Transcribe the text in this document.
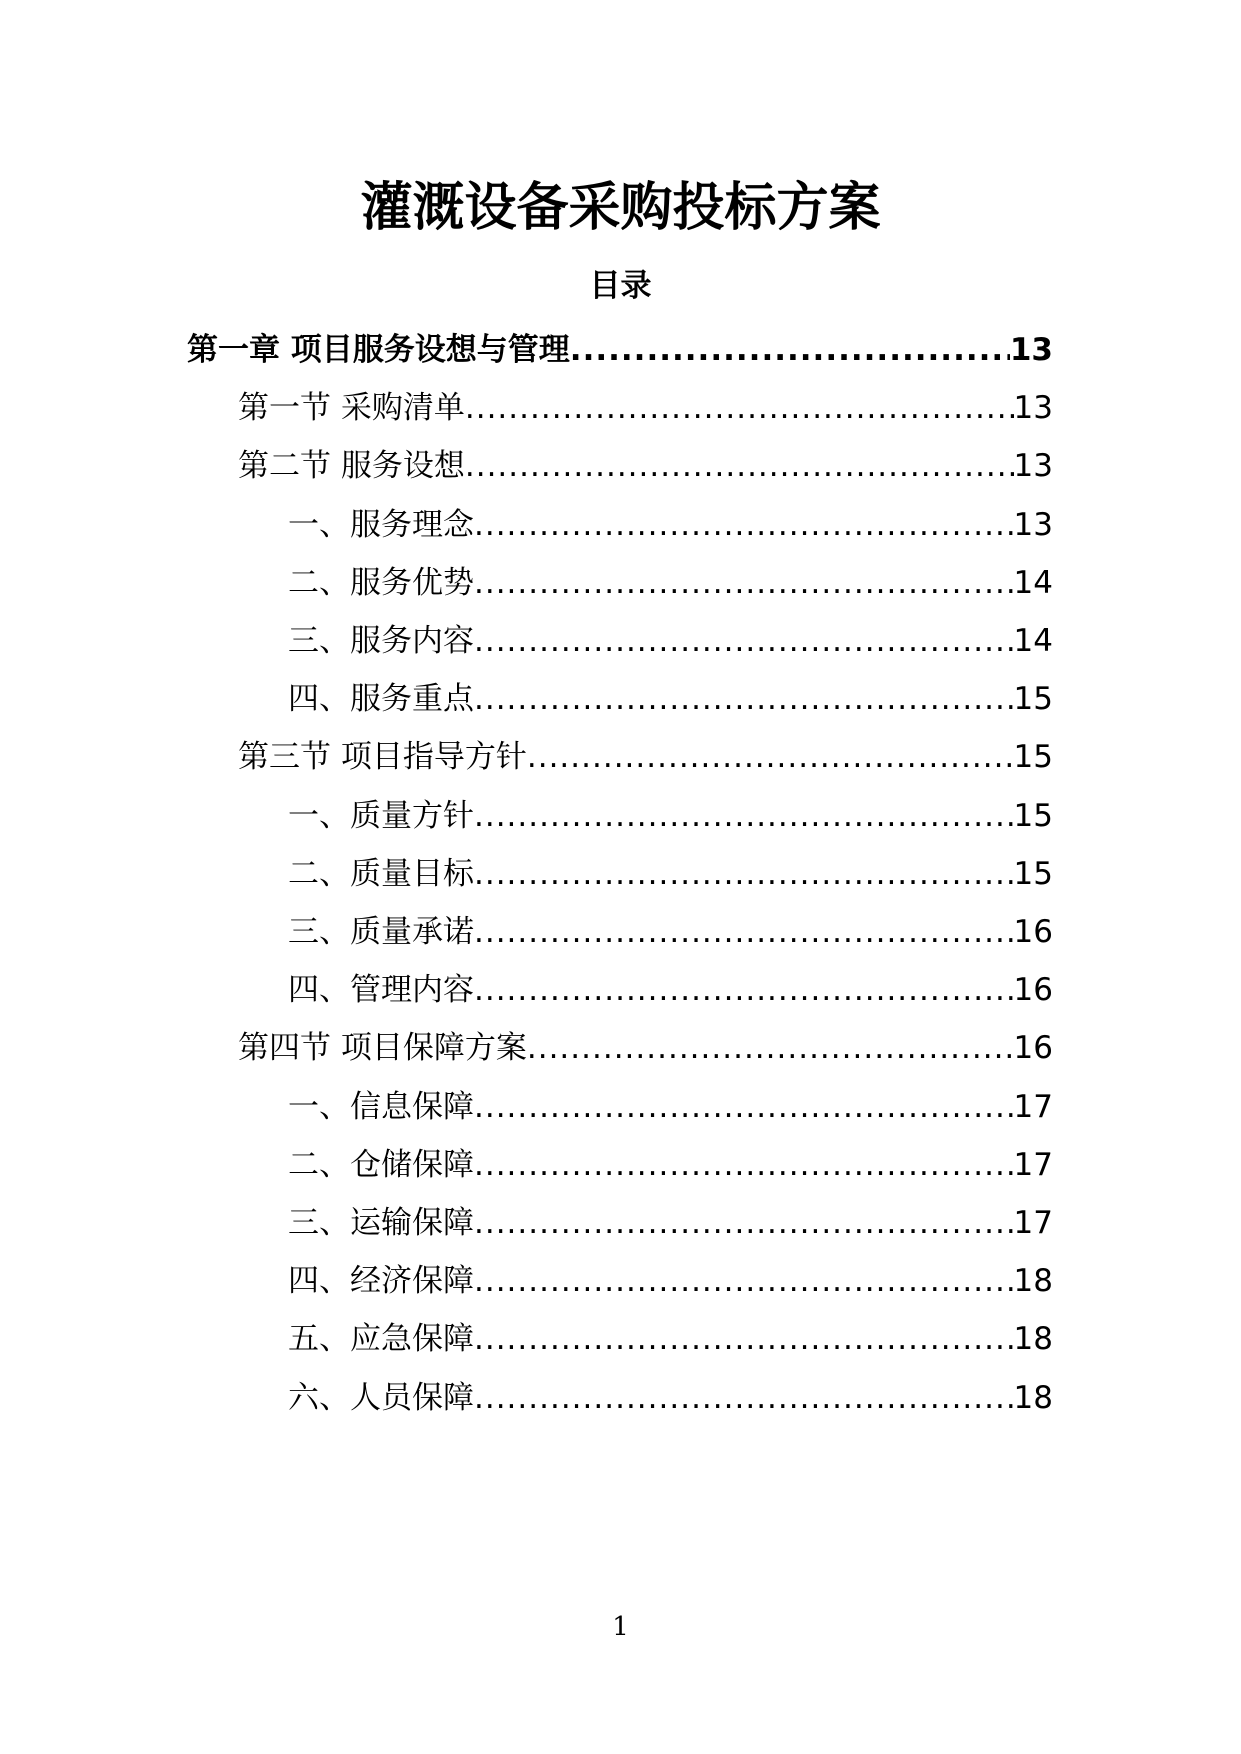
灌溉设备采购投标方案
目录
第一章 项目服务设想与管理 .....	13
第一节 采购清单 .....	13
第二节 服务设想 .....	13
一、服务理念 .....	13
二、服务优势 .....	14
三、服务内容 .....	14
四、服务重点 .....	15
第三节 项目指导方针 .....	15
一、质量方针 .....	15
二、质量目标 .....	15
三、质量承诺 .....	16
四、管理内容 .....	16
第四节 项目保障方案 .....	16
一、信息保障 .....	17
二、仓储保障 .....	17
三、运输保障 .....	17
四、经济保障 .....	18
五、应急保障 .....	18
六、人员保障 .....	18
1
